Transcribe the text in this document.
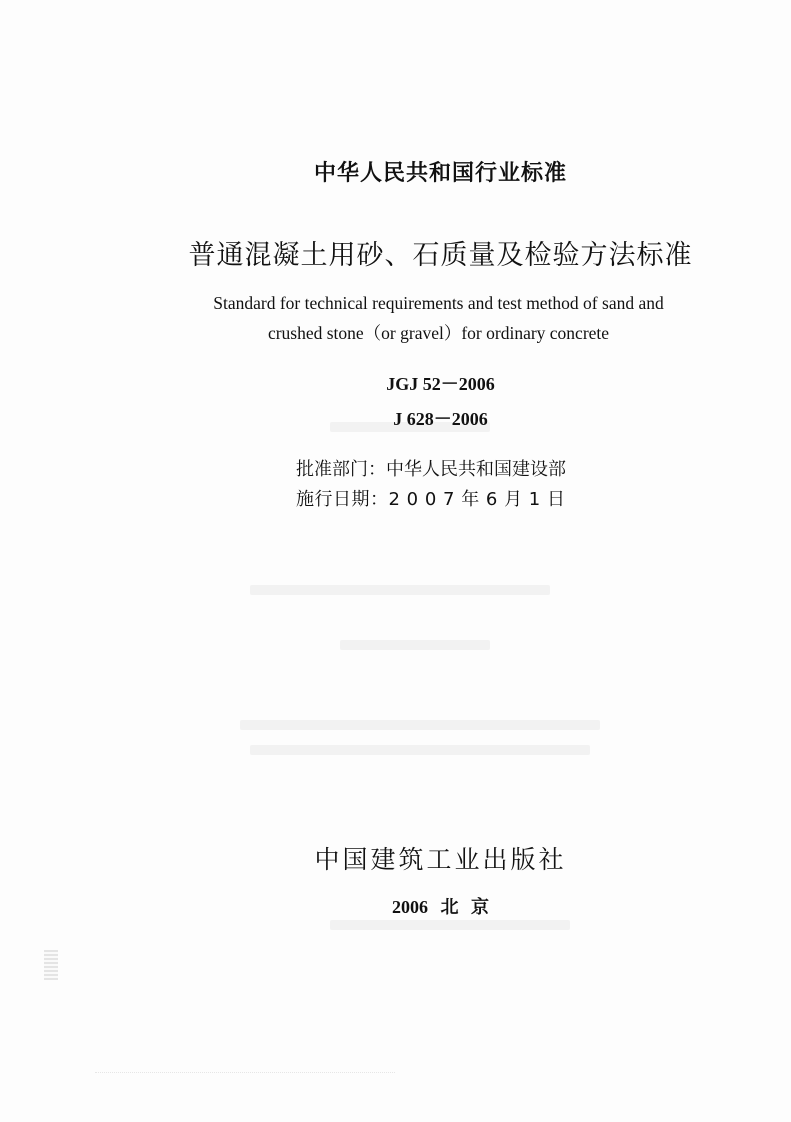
中华人民共和国行业标准
普通混凝土用砂、石质量及检验方法标准
Standard for technical requirements and test method of sand and
crushed stone（or gravel）for ordinary concrete
JGJ 52－2006
J 628－2006
批准部门：中华人民共和国建设部
施行日期：2 0 0 7 年 6 月 1 日
中国建筑工业出版社
2006 北 京
